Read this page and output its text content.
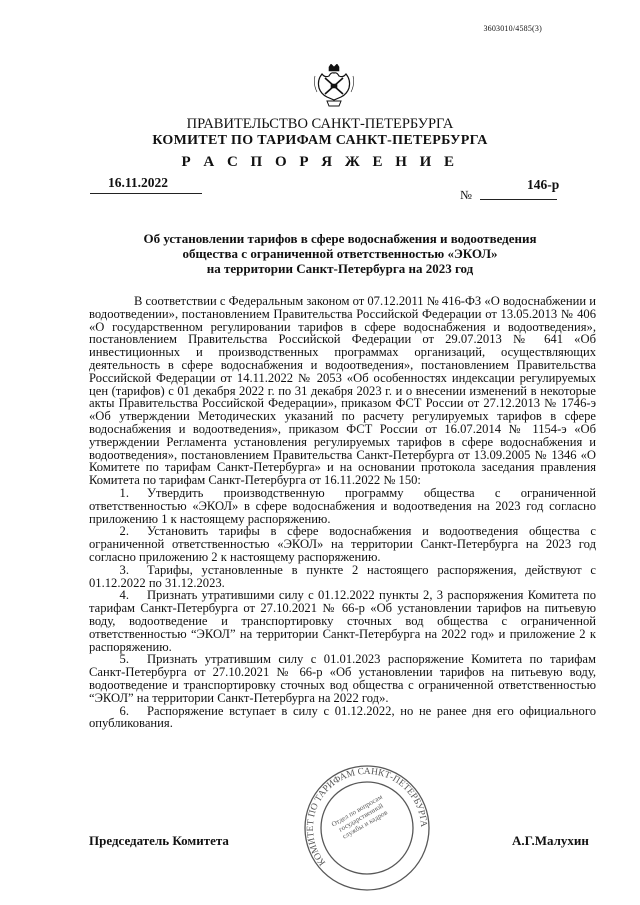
3603010/4585(3)
ПРАВИТЕЛЬСТВО САНКТ-ПЕТЕРБУРГА
КОМИТЕТ ПО ТАРИФАМ САНКТ-ПЕТЕРБУРГА
Р А С П О Р Я Ж Е Н И Е
16.11.2022
№
146-р
Об установлении тарифов в сфере водоснабжения и водоотведения
общества с ограниченной ответственностью «ЭКОЛ»
на территории Санкт-Петербурга на 2023 год

В соответствии с Федеральным законом от 07.12.2011 № 416-ФЗ «О водоснабжении и водоотведении», постановлением Правительства Российской Федерации от 13.05.2013 № 406 «О государственном регулировании тарифов в сфере водоснабжения и водоотведения», постановлением Правительства Российской Федерации от 29.07.2013 № 641 «Об инвестиционных и производственных программах организаций, осуществляющих деятельность в сфере водоснабжения и водоотведения», постановлением Правительства Российской Федерации от 14.11.2022 № 2053 «Об особенностях индексации регулируемых цен (тарифов) с 01 декабря 2022 г. по 31 декабря 2023 г. и о внесении изменений в некоторые акты Правительства Российской Федерации», приказом ФСТ России от 27.12.2013 № 1746-э «Об утверждении Методических указаний по расчету регулируемых тарифов в сфере водоснабжения и водоотведения», приказом ФСТ России от 16.07.2014 № 1154-э «Об утверждении Регламента установления регулируемых тарифов в сфере водоснабжения и водоотведения», постановлением Правительства Санкт-Петербурга от 13.09.2005 № 1346 «О Комитете по тарифам Санкт-Петербурга» и на основании протокола заседания правления Комитета по тарифам Санкт-Петербурга от 16.11.2022 № 150:

1. Утвердить производственную программу общества с ограниченной ответственностью «ЭКОЛ» в сфере водоснабжения и водоотведения на 2023 год согласно приложению 1 к настоящему распоряжению.

2. Установить тарифы в сфере водоснабжения и водоотведения общества с ограниченной ответственностью «ЭКОЛ» на территории Санкт-Петербурга на 2023 год согласно приложению 2 к настоящему распоряжению.

3. Тарифы, установленные в пункте 2 настоящего распоряжения, действуют с 01.12.2022 по 31.12.2023.

4. Признать утратившими силу с 01.12.2022 пункты 2, 3 распоряжения Комитета по тарифам Санкт-Петербурга от 27.10.2021 № 66-р «Об установлении тарифов на питьевую воду, водоотведение и транспортировку сточных вод общества с ограниченной ответственностью “ЭКОЛ” на территории Санкт-Петербурга на 2022 год» и приложение 2 к распоряжению.

5. Признать утратившим силу с 01.01.2023 распоряжение Комитета по тарифам Санкт-Петербурга от 27.10.2021 № 66-р «Об установлении тарифов на питьевую воду, водоотведение и транспортировку сточных вод общества с ограниченной ответственностью “ЭКОЛ” на территории Санкт-Петербурга на 2022 год».

6. Распоряжение вступает в силу с 01.12.2022, но не ранее дня его официального опубликования.

КОМИТЕТ ПО ТАРИФАМ САНКТ-ПЕТЕРБУРГА
Отдел по вопросам государственной службы и кадров
Председатель Комитета	А.Г.Малухин
